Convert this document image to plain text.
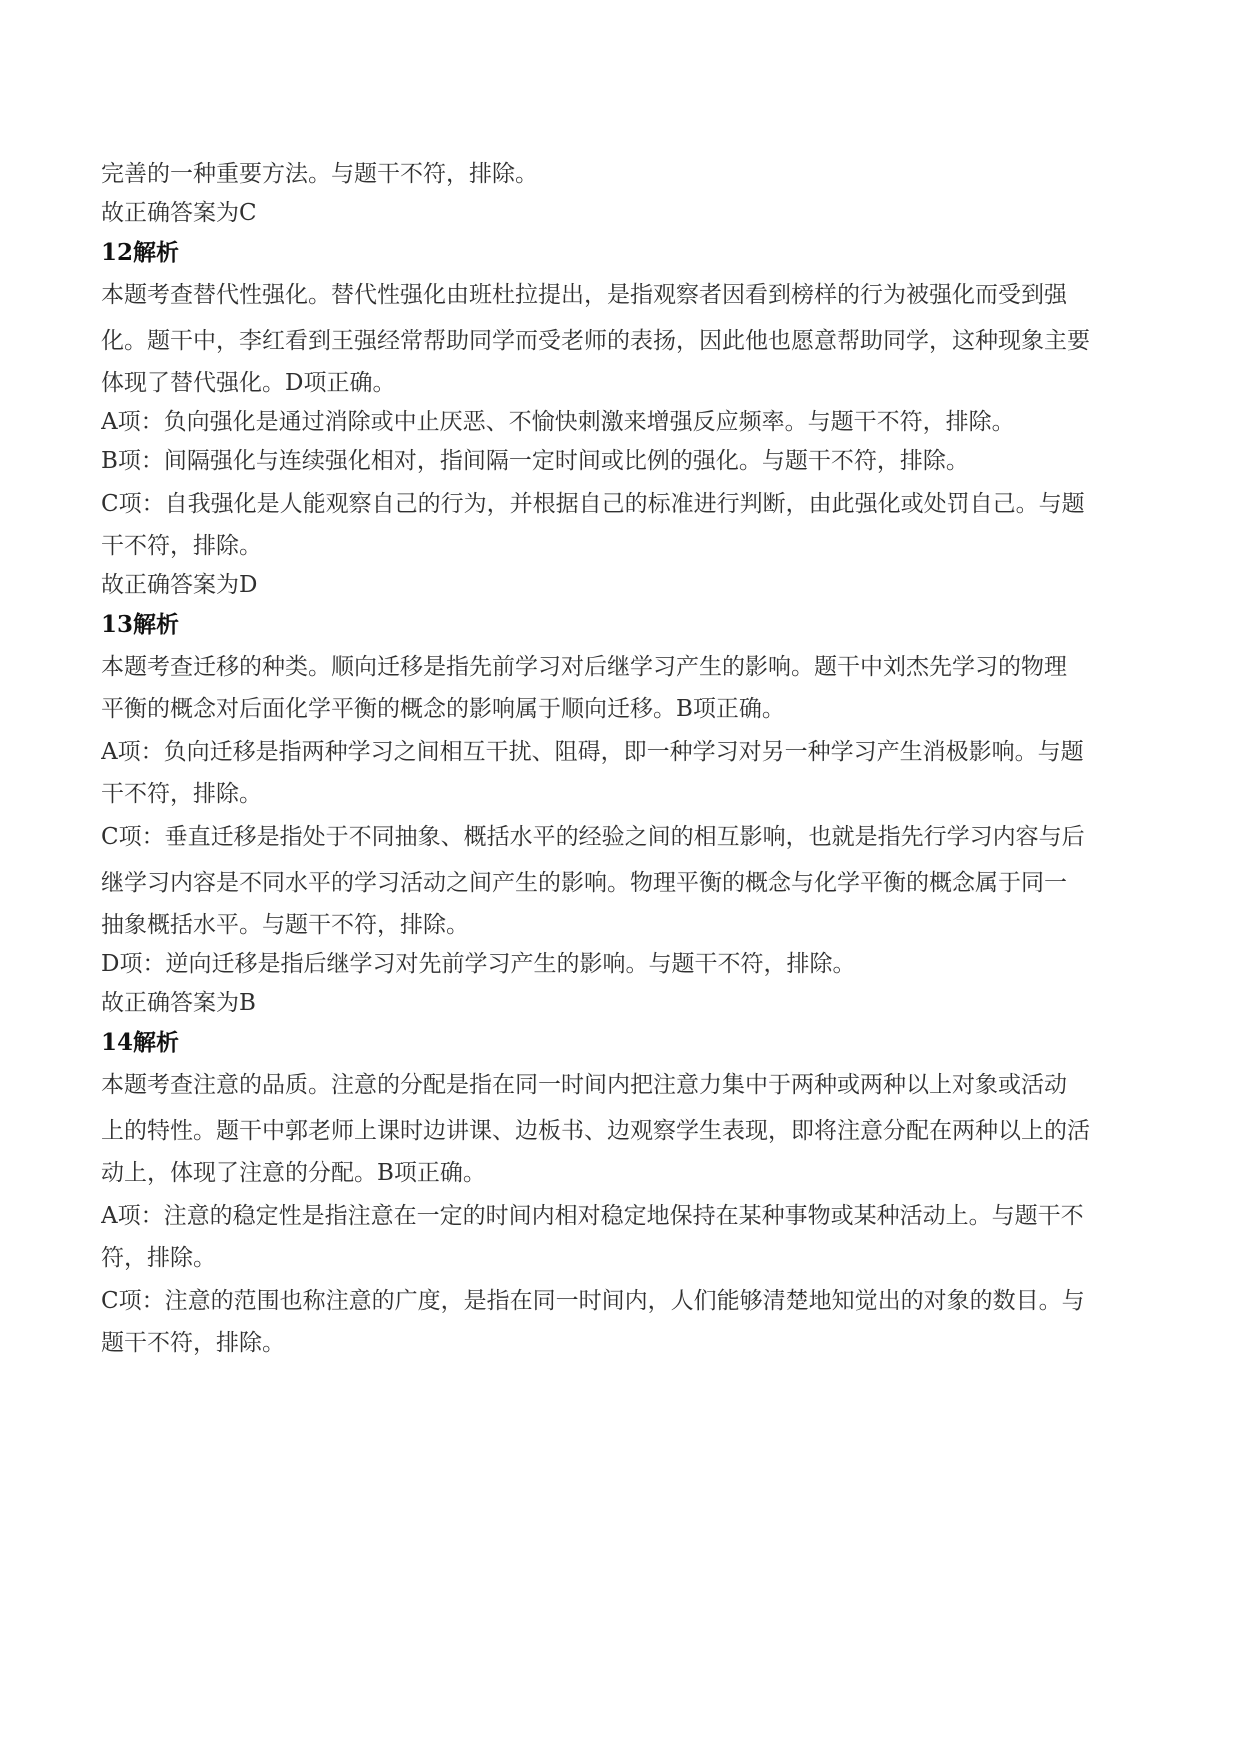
完善的一种重要方法。与题干不符，排除。
故正确答案为C
12解析
本题考查替代性强化。替代性强化由班杜拉提出，是指观察者因看到榜样的行为被强化而受到强
化。题干中，李红看到王强经常帮助同学而受老师的表扬，因此他也愿意帮助同学，这种现象主要
体现了替代强化。D项正确。
A项：负向强化是通过消除或中止厌恶、不愉快刺激来增强反应频率。与题干不符，排除。
B项：间隔强化与连续强化相对，指间隔一定时间或比例的强化。与题干不符，排除。
C项：自我强化是人能观察自己的行为，并根据自己的标准进行判断，由此强化或处罚自己。与题
干不符，排除。
故正确答案为D
13解析
本题考查迁移的种类。顺向迁移是指先前学习对后继学习产生的影响。题干中刘杰先学习的物理
平衡的概念对后面化学平衡的概念的影响属于顺向迁移。B项正确。
A项：负向迁移是指两种学习之间相互干扰、阻碍，即一种学习对另一种学习产生消极影响。与题
干不符，排除。
C项：垂直迁移是指处于不同抽象、概括水平的经验之间的相互影响，也就是指先行学习内容与后
继学习内容是不同水平的学习活动之间产生的影响。物理平衡的概念与化学平衡的概念属于同一
抽象概括水平。与题干不符，排除。
D项：逆向迁移是指后继学习对先前学习产生的影响。与题干不符，排除。
故正确答案为B
14解析
本题考查注意的品质。注意的分配是指在同一时间内把注意力集中于两种或两种以上对象或活动
上的特性。题干中郭老师上课时边讲课、边板书、边观察学生表现，即将注意分配在两种以上的活
动上，体现了注意的分配。B项正确。
A项：注意的稳定性是指注意在一定的时间内相对稳定地保持在某种事物或某种活动上。与题干不
符，排除。
C项：注意的范围也称注意的广度，是指在同一时间内，人们能够清楚地知觉出的对象的数目。与
题干不符，排除。
